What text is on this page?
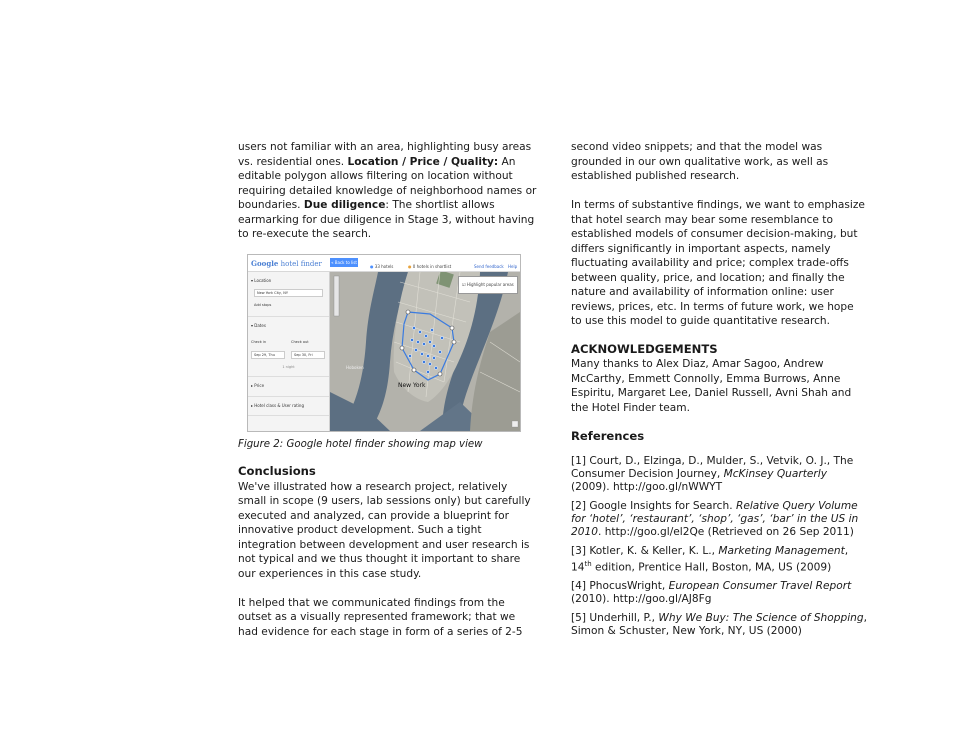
users not familiar with an area, highlighting busy areas vs. residential ones. Location / Price / Quality: An editable polygon allows filtering on location without requiring detailed knowledge of neighborhood names or boundaries. Due diligence: The shortlist allows earmarking for due diligence in Stage 3, without having to re-execute the search.

Google hotel finder « Back to list
● 33 hotels	● 0 hotels in shortlist	Send feedback Help
▾ Location
New York City, NY
Add stops
▾ Dates
Check in
Sep 29, Thu
Check out
Sep 30, Fri
1 night
▸ Price
▸ Hotel class & User rating
☑ Highlight popular areas
New York
Hoboken

Figure 2: Google hotel finder showing map view

Conclusions

We've illustrated how a research project, relatively small in scope (9 users, lab sessions only) but carefully executed and analyzed, can provide a blueprint for innovative product development. Such a tight integration between development and user research is not typical and we thus thought it important to share our experiences in this case study.

It helped that we communicated findings from the outset as a visually represented framework; that we had evidence for each stage in form of a series of 2-5

second video snippets; and that the model was grounded in our own qualitative work, as well as established published research.

In terms of substantive findings, we want to emphasize that hotel search may bear some resemblance to established models of consumer decision-making, but differs significantly in important aspects, namely fluctuating availability and price; complex trade-offs between quality, price, and location; and finally the nature and availability of information online: user reviews, prices, etc. In terms of future work, we hope to use this model to guide quantitative research.

ACKNOWLEDGEMENTS

Many thanks to Alex Diaz, Amar Sagoo, Andrew McCarthy, Emmett Connolly, Emma Burrows, Anne Espiritu, Margaret Lee, Daniel Russell, Avni Shah and the Hotel Finder team.

References

[1] Court, D., Elzinga, D., Mulder, S., Vetvik, O. J., The Consumer Decision Journey, McKinsey Quarterly (2009). http://goo.gl/nWWYT

[2] Google Insights for Search. Relative Query Volume for ‘hotel’, ‘restaurant’, ‘shop’, ‘gas’, ‘bar’ in the US in 2010. http://goo.gl/el2Qe (Retrieved on 26 Sep 2011)

[3] Kotler, K. & Keller, K. L., Marketing Management, 14th edition, Prentice Hall, Boston, MA, US (2009)

[4] PhocusWright, European Consumer Travel Report (2010). http://goo.gl/AJ8Fg

[5] Underhill, P., Why We Buy: The Science of Shopping, Simon & Schuster, New York, NY, US (2000)
